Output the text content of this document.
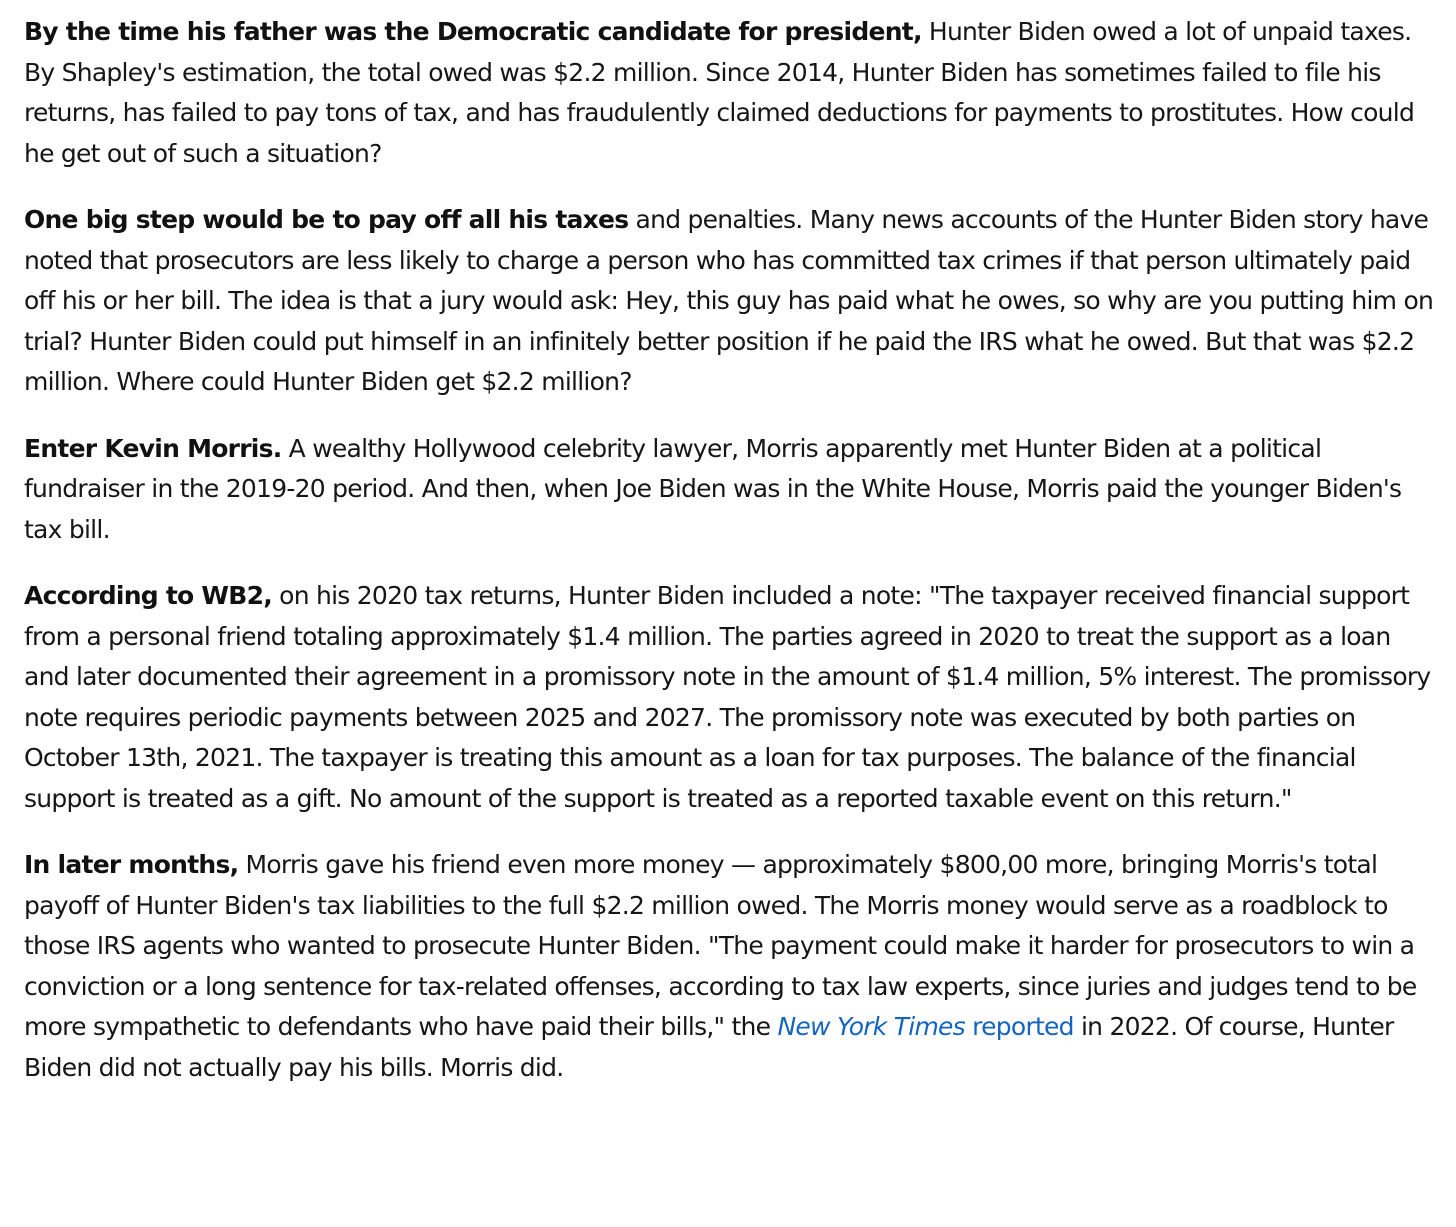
By the time his father was the Democratic candidate for president, Hunter Biden owed a lot of unpaid taxes. By Shapley's estimation, the total owed was $2.2 million. Since 2014, Hunter Biden has sometimes failed to file his returns, has failed to pay tons of tax, and has fraudulently claimed deductions for payments to prostitutes. How could he get out of such a situation?

One big step would be to pay off all his taxes and penalties. Many news accounts of the Hunter Biden story have noted that prosecutors are less likely to charge a person who has committed tax crimes if that person ultimately paid off his or her bill. The idea is that a jury would ask: Hey, this guy has paid what he owes, so why are you putting him on trial? Hunter Biden could put himself in an infinitely better position if he paid the IRS what he owed. But that was $2.2 million. Where could Hunter Biden get $2.2 million?

Enter Kevin Morris. A wealthy Hollywood celebrity lawyer, Morris apparently met Hunter Biden at a political fundraiser in the 2019-20 period. And then, when Joe Biden was in the White House, Morris paid the younger Biden's tax bill.

According to WB2, on his 2020 tax returns, Hunter Biden included a note: "The taxpayer received financial support from a personal friend totaling approximately $1.4 million. The parties agreed in 2020 to treat the support as a loan and later documented their agreement in a promissory note in the amount of $1.4 million, 5% interest. The promissory note requires periodic payments between 2025 and 2027. The promissory note was executed by both parties on October 13th, 2021. The taxpayer is treating this amount as a loan for tax purposes. The balance of the financial support is treated as a gift. No amount of the support is treated as a reported taxable event on this return."

In later months, Morris gave his friend even more money — approximately $800,00 more, bringing Morris's total payoff of Hunter Biden's tax liabilities to the full $2.2 million owed. The Morris money would serve as a roadblock to those IRS agents who wanted to prosecute Hunter Biden. "The payment could make it harder for prosecutors to win a conviction or a long sentence for tax-related offenses, according to tax law experts, since juries and judges tend to be more sympathetic to defendants who have paid their bills," the New York Times reported in 2022. Of course, Hunter Biden did not actually pay his bills. Morris did.
